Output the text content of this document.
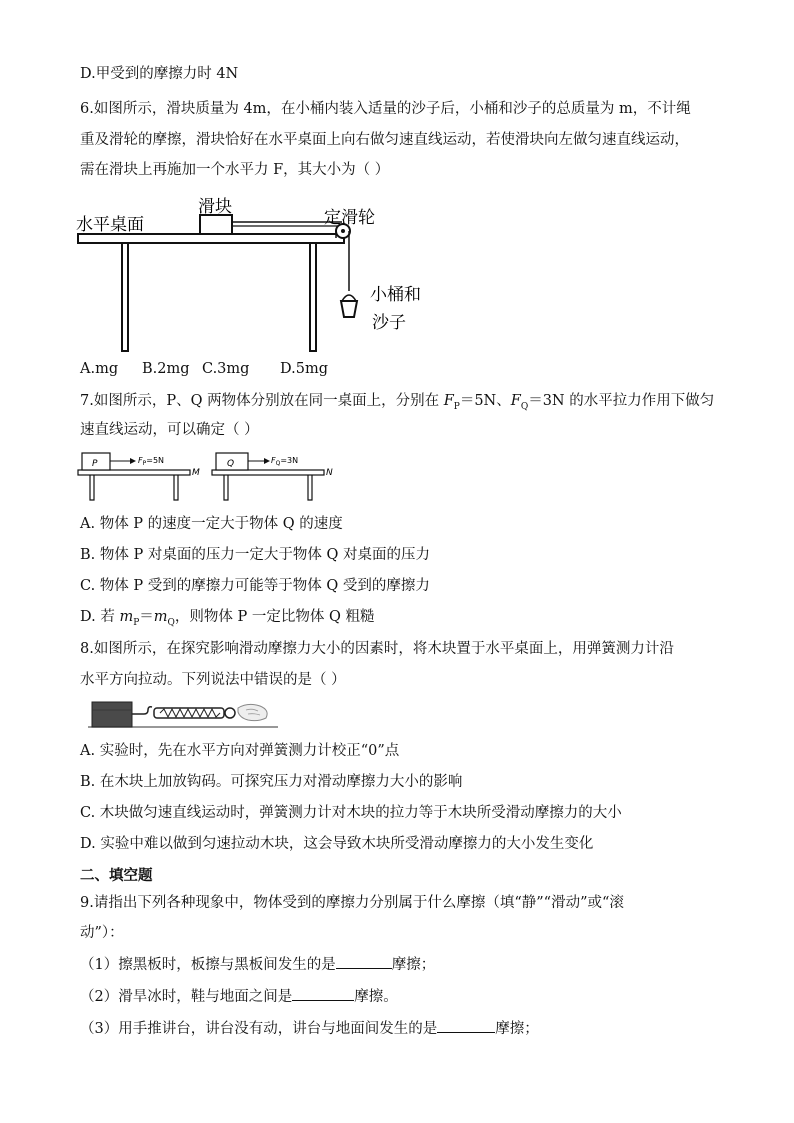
D.甲受到的摩擦力时 4N
6.如图所示，滑块质量为 4m，在小桶内装入适量的沙子后，小桶和沙子的总质量为 m，不计绳
重及滑轮的摩擦，滑块恰好在水平桌面上向右做匀速直线运动，若使滑块向左做匀速直线运动，
需在滑块上再施加一个水平力 F，其大小为（ ）
水平桌面
滑块
定滑轮
小桶和
沙子
A.mg B.2mg C.3mg D.5mg
7.如图所示，P、Q 两物体分别放在同一桌面上，分别在 $F_P=5N$、$F_Q=3N$ 的水平拉力作用下做匀
速直线运动，可以确定（ ）
P	$F_P=5N$
M
Q	$F_Q=3N$
N
A. 物体 P 的速度一定大于物体 Q 的速度
B. 物体 P 对桌面的压力一定大于物体 Q 对桌面的压力
C. 物体 P 受到的摩擦力可能等于物体 Q 受到的摩擦力
D. 若 $m_P=m_Q$，则物体 P 一定比物体 Q 粗糙
8.如图所示，在探究影响滑动摩擦力大小的因素时，将木块置于水平桌面上，用弹簧测力计沿
水平方向拉动。下列说法中错误的是（ ）
A. 实验时，先在水平方向对弹簧测力计校正“0”点
B. 在木块上加放钩码。可探究压力对滑动摩擦力大小的影响
C. 木块做匀速直线运动时，弹簧测力计对木块的拉力等于木块所受滑动摩擦力的大小
D. 实验中难以做到匀速拉动木块，这会导致木块所受滑动摩擦力的大小发生变化
二、填空题
9.请指出下列各种现象中，物体受到的摩擦力分别属于什么摩擦（填“静”“滑动”或“滚
动”）：
（1）擦黑板时，板擦与黑板间发生的是	摩擦；
（2）滑旱冰时，鞋与地面之间是	摩擦。
（3）用手推讲台，讲台没有动，讲台与地面间发生的是	摩擦；
